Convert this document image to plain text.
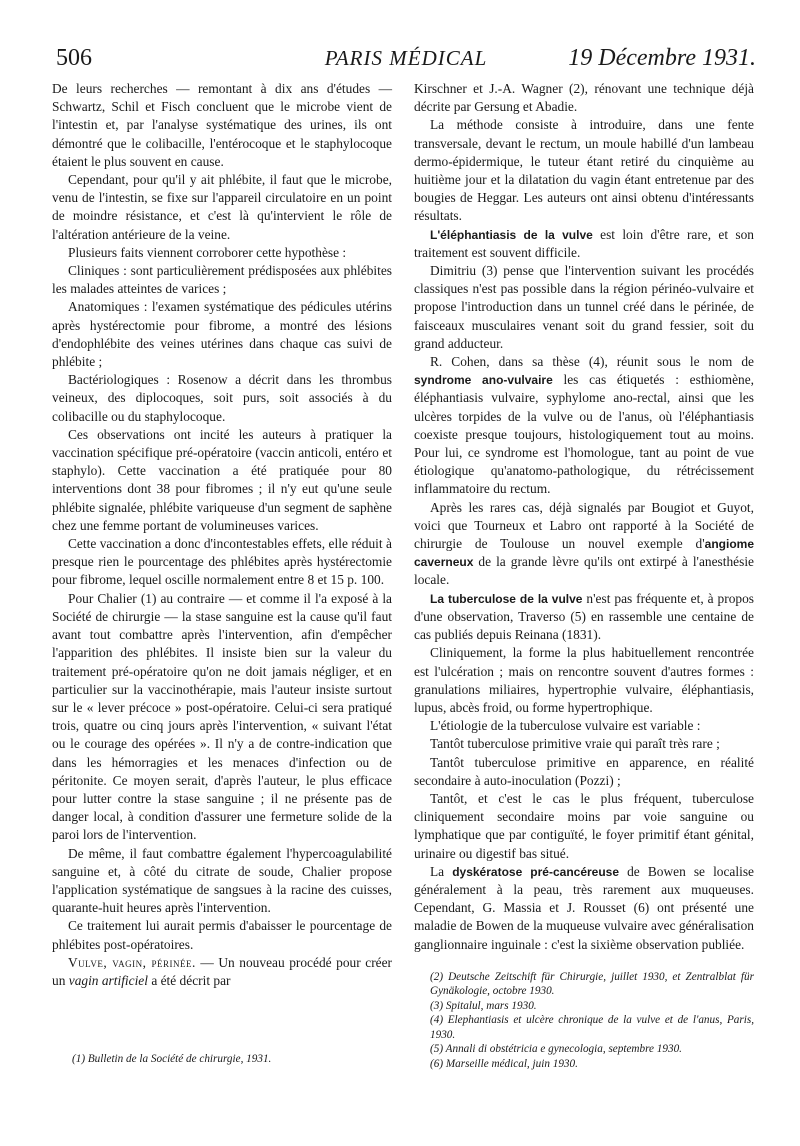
506	PARIS MÉDICAL	19 Décembre 1931.

De leurs recherches — remontant à dix ans d'études — Schwartz, Schil et Fisch concluent que le microbe vient de l'intestin et, par l'analyse systématique des urines, ils ont démontré que le colibacille, l'entérocoque et le staphylocoque étaient le plus souvent en cause.

Cependant, pour qu'il y ait phlébite, il faut que le microbe, venu de l'intestin, se fixe sur l'appareil circulatoire en un point de moindre résistance, et c'est là qu'intervient le rôle de l'altération antérieure de la veine.

Plusieurs faits viennent corroborer cette hypothèse :

Cliniques : sont particulièrement prédisposées aux phlébites les malades atteintes de varices ;

Anatomiques : l'examen systématique des pédicules utérins après hystérectomie pour fibrome, a montré des lésions d'endophlébite des veines utérines dans chaque cas suivi de phlébite ;

Bactériologiques : Rosenow a décrit dans les thrombus veineux, des diplocoques, soit purs, soit associés à du colibacille ou du staphylocoque.

Ces observations ont incité les auteurs à pratiquer la vaccination spécifique pré-opératoire (vaccin anticoli, entéro et staphylo). Cette vaccination a été pratiquée pour 80 interventions dont 38 pour fibromes ; il n'y eut qu'une seule phlébite signalée, phlébite variqueuse d'un segment de saphène chez une femme portant de volumineuses varices.

Cette vaccination a donc d'incontestables effets, elle réduit à presque rien le pourcentage des phlébites après hystérectomie pour fibrome, lequel oscille normalement entre 8 et 15 p. 100.

Pour Chalier (1) au contraire — et comme il l'a exposé à la Société de chirurgie — la stase sanguine est la cause qu'il faut avant tout combattre après l'intervention, afin d'empêcher l'apparition des phlébites. Il insiste bien sur la valeur du traitement pré-opératoire qu'on ne doit jamais négliger, et en particulier sur la vaccinothérapie, mais l'auteur insiste surtout sur le « lever précoce » post-opératoire. Celui-ci sera pratiqué trois, quatre ou cinq jours après l'intervention, « suivant l'état ou le courage des opérées ». Il n'y a de contre-indication que dans les hémorragies et les menaces d'infection ou de péritonite. Ce moyen serait, d'après l'auteur, le plus efficace pour lutter contre la stase sanguine ; il ne présente pas de danger local, à condition d'assurer une fermeture solide de la paroi lors de l'intervention.

De même, il faut combattre également l'hypercoagulabilité sanguine et, à côté du citrate de soude, Chalier propose l'application systématique de sangsues à la racine des cuisses, quarante-huit heures après l'intervention.

Ce traitement lui aurait permis d'abaisser le pourcentage de phlébites post-opératoires.

Vulve, vagin, périnée. — Un nouveau procédé pour créer un vagin artificiel a été décrit par

(1) Bulletin de la Société de chirurgie, 1931.

Kirschner et J.-A. Wagner (2), rénovant une technique déjà décrite par Gersung et Abadie.

La méthode consiste à introduire, dans une fente transversale, devant le rectum, un moule habillé d'un lambeau dermo-épidermique, le tuteur étant retiré du cinquième au huitième jour et la dilatation du vagin étant entretenue par des bougies de Heggar. Les auteurs ont ainsi obtenu d'intéressants résultats.

L'éléphantiasis de la vulve est loin d'être rare, et son traitement est souvent difficile.

Dimitriu (3) pense que l'intervention suivant les procédés classiques n'est pas possible dans la région périnéo-vulvaire et propose l'introduction dans un tunnel créé dans le périnée, de faisceaux musculaires venant soit du grand fessier, soit du grand adducteur.

R. Cohen, dans sa thèse (4), réunit sous le nom de syndrome ano-vulvaire les cas étiquetés : esthiomène, éléphantiasis vulvaire, syphylome ano-rectal, ainsi que les ulcères torpides de la vulve ou de l'anus, où l'éléphantiasis coexiste presque toujours, histologiquement tout au moins. Pour lui, ce syndrome est l'homologue, tant au point de vue étiologique qu'anatomo-pathologique, du rétrécissement inflammatoire du rectum.

Après les rares cas, déjà signalés par Bougiot et Guyot, voici que Tourneux et Labro ont rapporté à la Société de chirurgie de Toulouse un nouvel exemple d'angiome caverneux de la grande lèvre qu'ils ont extirpé à l'anesthésie locale.

La tuberculose de la vulve n'est pas fréquente et, à propos d'une observation, Traverso (5) en rassemble une centaine de cas publiés depuis Reinana (1831).

Cliniquement, la forme la plus habituellement rencontrée est l'ulcération ; mais on rencontre souvent d'autres formes : granulations miliaires, hypertrophie vulvaire, éléphantiasis, lupus, abcès froid, ou forme hypertrophique.

L'étiologie de la tuberculose vulvaire est variable :

Tantôt tuberculose primitive vraie qui paraît très rare ;

Tantôt tuberculose primitive en apparence, en réalité secondaire à auto-inoculation (Pozzi) ;

Tantôt, et c'est le cas le plus fréquent, tuberculose cliniquement secondaire moins par voie sanguine ou lymphatique que par contiguïté, le foyer primitif étant génital, urinaire ou digestif bas situé.

La dyskératose pré-cancéreuse de Bowen se localise généralement à la peau, très rarement aux muqueuses. Cependant, G. Massia et J. Rousset (6) ont présenté une maladie de Bowen de la muqueuse vulvaire avec généralisation ganglionnaire inguinale : c'est la sixième observation publiée.

(2) Deutsche Zeitschift für Chirurgie, juillet 1930, et Zentralblat für Gynäkologie, octobre 1930.
(3) Spitalul, mars 1930.
(4) Elephantiasis et ulcère chronique de la vulve et de l'anus, Paris, 1930.
(5) Annali di obstétricia e gynecologia, septembre 1930.
(6) Marseille médical, juin 1930.
